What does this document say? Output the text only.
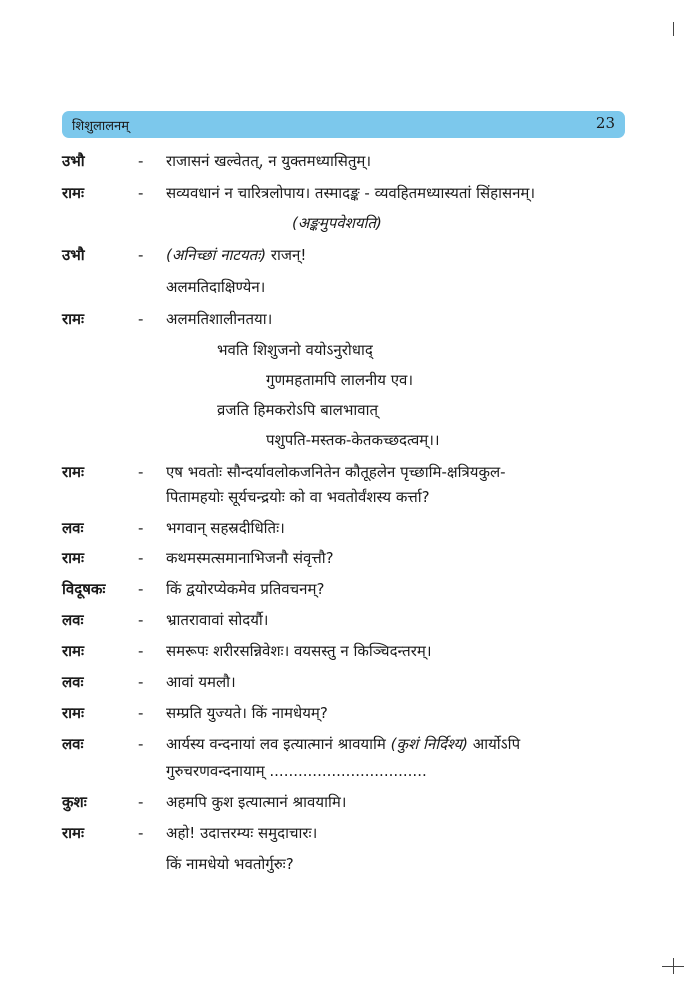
शिशुलालनम्	23
उभौ	- राजासनं खल्वेतत्, न युक्तमध्यासितुम्।
रामः	- सव्यवधानं न चारित्रलोपाय। तस्मादङ्क - व्यवहितमध्यास्यतां सिंहासनम्।
(अङ्कमुपवेशयति)
उभौ	- (अनिच्छां नाटयतः) राजन्!
अलमतिदाक्षिण्येन।
रामः	- अलमतिशालीनतया।
भवति शिशुजनो वयोऽनुरोधाद्
गुणमहतामपि लालनीय एव।
व्रजति हिमकरोऽपि बालभावात्
पशुपति-मस्तक-केतकच्छदत्वम्।।
रामः	- एष भवतोः सौन्दर्यावलोकजनितेन कौतूहलेन पृच्छामि-क्षत्रियकुल-
पितामहयोः सूर्यचन्द्रयोः को वा भवतोर्वंशस्य कर्त्ता?
लवः	- भगवान् सहस्रदीधितिः।
रामः	- कथमस्मत्समानाभिजनौ संवृत्तौ?
विदूषकः - किं द्वयोरप्येकमेव प्रतिवचनम्?
लवः	- भ्रातरावावां सोदर्यौ।
रामः	- समरूपः शरीरसन्निवेशः। वयसस्तु न किञ्चिदन्तरम्।
लवः	- आवां यमलौ।
रामः	- सम्प्रति युज्यते। किं नामधेयम्?
लवः	- आर्यस्य वन्दनायां लव इत्यात्मानं श्रावयामि (कुशं निर्दिश्य) आर्योऽपि
गुरुचरणवन्दनायाम् .................................
कुशः	- अहमपि कुश इत्यात्मानं श्रावयामि।
रामः	- अहो! उदात्तरम्यः समुदाचारः।
किं नामधेयो भवतोर्गुरुः?
